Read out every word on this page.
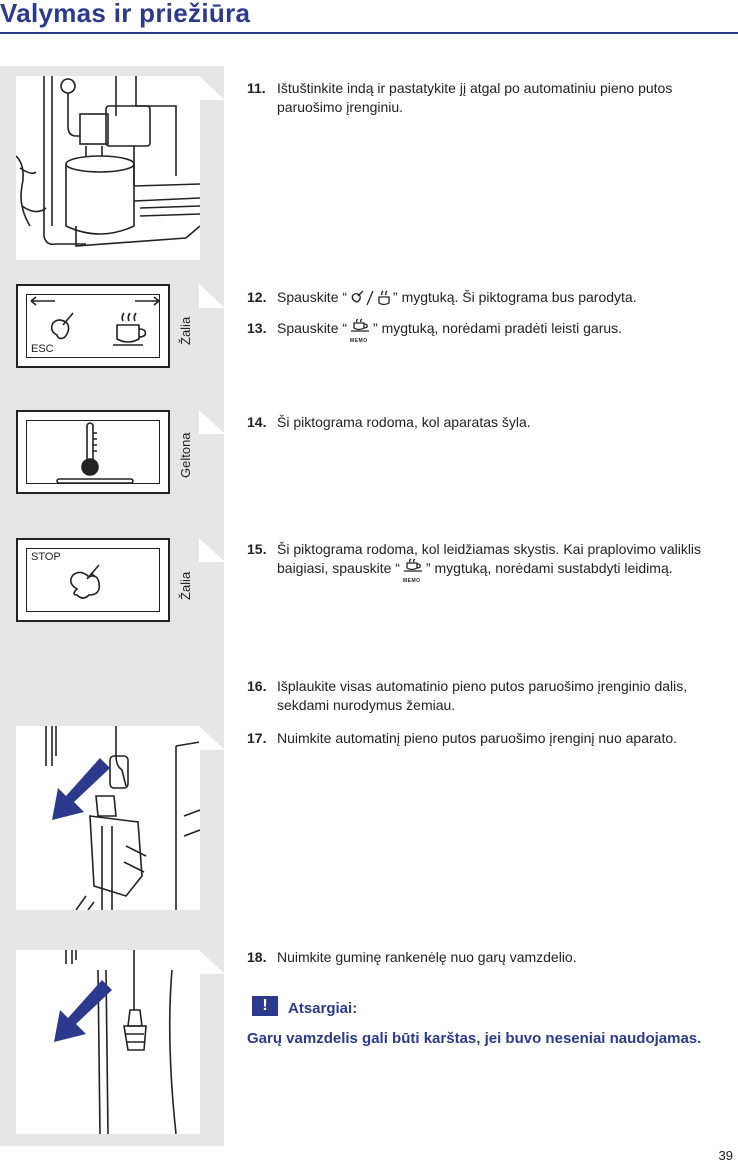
Valymas ir priežiūra
ESC
Žalia
Geltona
STOP
Žalia
11. Ištuštinkite indą ir pastatykite jį atgal po automatiniu pieno putos paruošimo įrenginiu.
12. Spauskite “	” mygtuką. Ši piktograma bus parodyta.
13. Spauskite “
MEMO
” mygtuką, norėdami pradėti leisti garus.
14. Ši piktograma rodoma, kol aparatas šyla.
15. Ši piktograma rodoma, kol leidžiamas skystis. Kai praplovimo valiklis baigiasi, spauskite “
MEMO
” mygtuką, norėdami sustabdyti leidimą.
16. Išplaukite visas automatinio pieno putos paruošimo įrenginio dalis, sekdami nurodymus žemiau.
17. Nuimkite automatinį pieno putos paruošimo įrenginį nuo aparato.
18. Nuimkite guminę rankenėlę nuo garų vamzdelio.
!	Atsargiai:
Garų vamzdelis gali būti karštas, jei buvo neseniai naudojamas.
39
